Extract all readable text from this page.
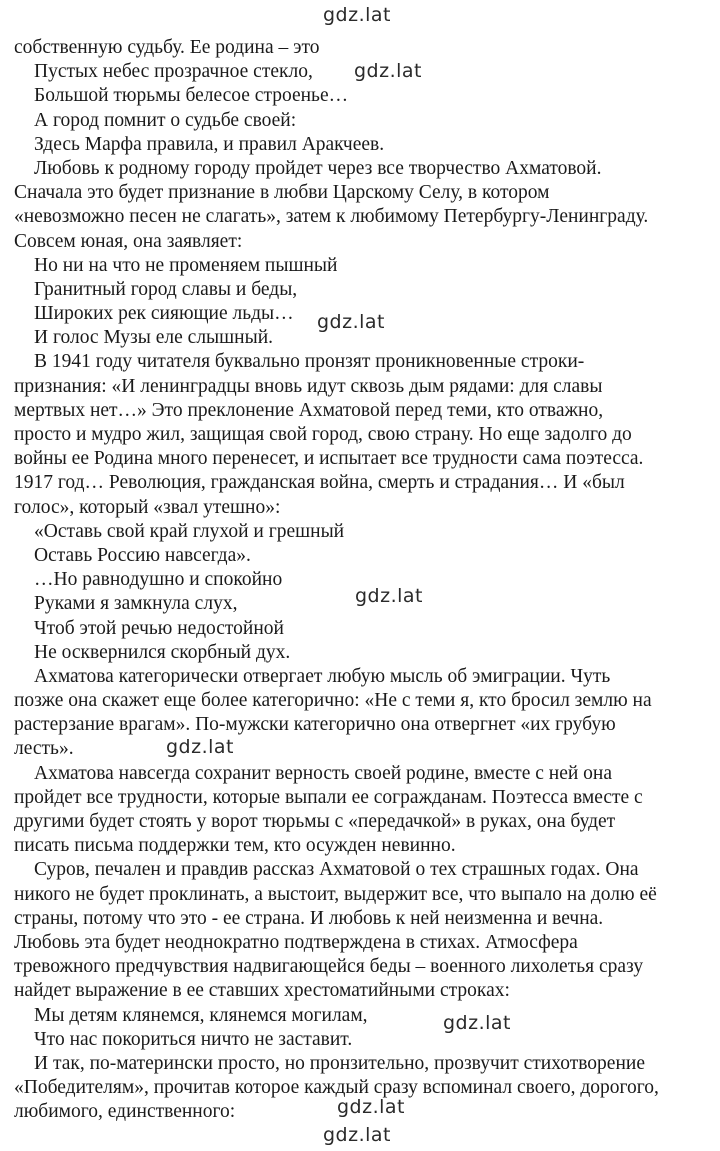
собственную судьбу. Ее родина – это
Пустых небес прозрачное стекло,
Большой тюрьмы белесое строенье…
А город помнит о судьбе своей:
Здесь Марфа правила, и правил Аракчеев.
Любовь к родному городу пройдет через все творчество Ахматовой.
Сначала это будет признание в любви Царскому Селу, в котором
«невозможно песен не слагать», затем к любимому Петербургу-Ленинграду.
Совсем юная, она заявляет:
Но ни на что не променяем пышный
Гранитный город славы и беды,
Широких рек сияющие льды…
И голос Музы еле слышный.
В 1941 году читателя буквально пронзят проникновенные строки-
признания: «И ленинградцы вновь идут сквозь дым рядами: для славы
мертвых нет…» Это преклонение Ахматовой перед теми, кто отважно,
просто и мудро жил, защищая свой город, свою страну. Но еще задолго до
войны ее Родина много перенесет, и испытает все трудности сама поэтесса.
1917 год… Революция, гражданская война, смерть и страдания… И «был
голос», который «звал утешно»:
«Оставь свой край глухой и грешный
Оставь Россию навсегда».
…Но равнодушно и спокойно
Руками я замкнула слух,
Чтоб этой речью недостойной
Не осквернился скорбный дух.
Ахматова категорически отвергает любую мысль об эмиграции. Чуть
позже она скажет еще более категорично: «Не с теми я, кто бросил землю на
растерзание врагам». По-мужски категорично она отвергнет «их грубую
лесть».
Ахматова навсегда сохранит верность своей родине, вместе с ней она
пройдет все трудности, которые выпали ее согражданам. Поэтесса вместе с
другими будет стоять у ворот тюрьмы с «передачкой» в руках, она будет
писать письма поддержки тем, кто осужден невинно.
Суров, печален и правдив рассказ Ахматовой о тех страшных годах. Она
никого не будет проклинать, а выстоит, выдержит все, что выпало на долю её
страны, потому что это - ее страна. И любовь к ней неизменна и вечна.
Любовь эта будет неоднократно подтверждена в стихах. Атмосфера
тревожного предчувствия надвигающейся беды – военного лихолетья сразу
найдет выражение в ее ставших хрестоматийными строках:
Мы детям клянемся, клянемся могилам,
Что нас покориться ничто не заставит.
И так, по-матерински просто, но пронзительно, прозвучит стихотворение
«Победителям», прочитав которое каждый сразу вспоминал своего, дорогого,
любимого, единственного:
gdz.lat
gdz.lat
gdz.lat
gdz.lat
gdz.lat
gdz.lat
gdz.lat
gdz.lat
